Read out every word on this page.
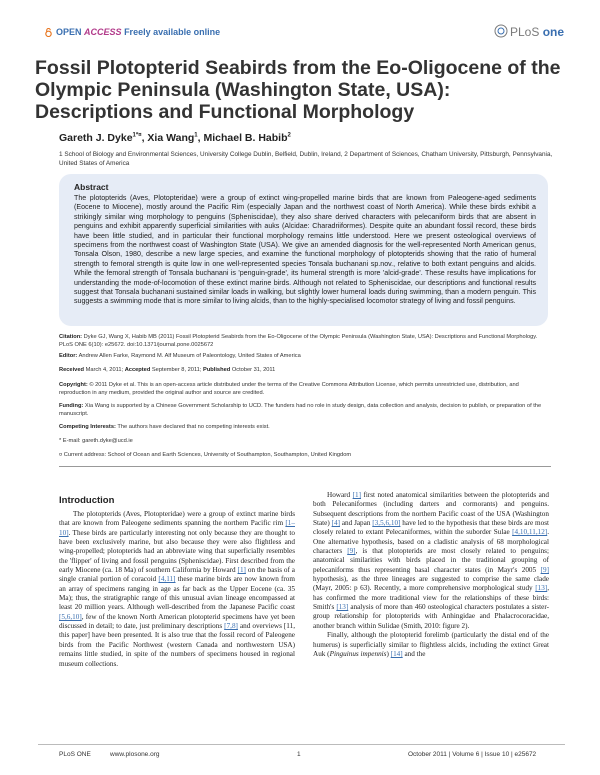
OPEN ACCESS Freely available online	PLoS one
Fossil Plotopterid Seabirds from the Eo-Oligocene of the Olympic Peninsula (Washington State, USA): Descriptions and Functional Morphology
Gareth J. Dyke$^{1*¤}$, Xia Wang$^1$, Michael B. Habib$^2$
1 School of Biology and Environmental Sciences, University College Dublin, Belfield, Dublin, Ireland, 2 Department of Sciences, Chatham University, Pittsburgh, Pennsylvania, United States of America
Abstract
The plotopterids (Aves, Plotopteridae) were a group of extinct wing-propelled marine birds that are known from Paleogene-aged sediments (Eocene to Miocene), mostly around the Pacific Rim (especially Japan and the northwest coast of North America). While these birds exhibit a strikingly similar wing morphology to penguins (Spheniscidae), they also share derived characters with pelecaniform birds that are absent in penguins and exhibit apparently superficial similarities with auks (Alcidae: Charadriiformes). Despite quite an abundant fossil record, these birds have been little studied, and in particular their functional morphology remains little understood. Here we present osteological overviews of specimens from the northwest coast of Washington State (USA). We give an amended diagnosis for the well-represented North American genus, Tonsala Olson, 1980, describe a new large species, and examine the functional morphology of plotopterids showing that the ratio of humeral strength to femoral strength is quite low in one well-represented species Tonsala buchanani sp.nov., relative to both extant penguins and alcids. While the femoral strength of Tonsala buchanani is 'penguin-grade', its humeral strength is more 'alcid-grade'. These results have implications for understanding the mode-of-locomotion of these extinct marine birds. Although not related to Spheniscidae, our descriptions and functional results suggest that Tonsala buchanani sustained similar loads in walking, but slightly lower humeral loads during swimming, than a modern penguin. This suggests a swimming mode that is more similar to living alcids, than to the highly-specialised locomotor strategy of living and fossil penguins.
Citation: Dyke GJ, Wang X, Habib MB (2011) Fossil Plotopterid Seabirds from the Eo-Oligocene of the Olympic Peninsula (Washington State, USA): Descriptions and Functional Morphology. PLoS ONE 6(10): e25672. doi:10.1371/journal.pone.0025672
Editor: Andrew Allen Farke, Raymond M. Alf Museum of Paleontology, United States of America
Received March 4, 2011; Accepted September 8, 2011; Published October 31, 2011
Copyright: © 2011 Dyke et al. This is an open-access article distributed under the terms of the Creative Commons Attribution License, which permits unrestricted use, distribution, and reproduction in any medium, provided the original author and source are credited.
Funding: Xia Wang is supported by a Chinese Government Scholarship to UCD. The funders had no role in study design, data collection and analysis, decision to publish, or preparation of the manuscript.
Competing Interests: The authors have declared that no competing interests exist.
* E-mail: gareth.dyke@ucd.ie
¤ Current address: School of Ocean and Earth Sciences, University of Southampton, Southampton, United Kingdom
Introduction

The plotopterids (Aves, Plotopteridae) were a group of extinct marine birds that are known from Paleogene sediments spanning the northern Pacific rim [1–10]. These birds are particularly interesting not only because they are thought to have been exclusively marine, but also because they were also flightless and wing-propelled; plotopterids had an abbreviate wing that superficially resembles the 'flipper' of living and fossil penguins (Spheniscidae). First described from the early Miocene (ca. 18 Ma) of southern California by Howard [1] on the basis of a single cranial portion of coracoid [4,11] these marine birds are now known from an array of specimens ranging in age as far back as the Upper Eocene (ca. 35 Ma); thus, the stratigraphic range of this unusual avian lineage encompassed at least 20 million years. Although well-described from the Japanese Pacific coast [5,6,10], few of the known North American plotopterid specimens have yet been discussed in detail; to date, just preliminary descriptions [7,8] and overviews [11, this paper] have been presented. It is also true that the fossil record of Paleogene birds from the Pacific Northwest (western Canada and northwestern USA) remains little studied, in spite of the numbers of specimens housed in regional museum collections.

Howard [1] first noted anatomical similarities between the plotopterids and both Pelecaniformes (including darters and cormorants) and penguins. Subsequent descriptions from the northern Pacific coast of the USA (Washington State) [4] and Japan [3,5,6,10] have led to the hypothesis that these birds are most closely related to extant Pelecaniformes, within the suborder Sulae [4,10,11,12]. One alternative hypothesis, based on a cladistic analysis of 68 morphological characters [9], is that plotopterids are most closely related to penguins; anatomical similarities with birds placed in the traditional grouping of pelecaniforms thus representing basal character states (in Mayr's 2005 [9] hypothesis), as the three lineages are suggested to comprise the same clade (Mayr, 2005: p 63). Recently, a more comprehensive morphological study [13], has confirmed the more traditional view for the relationships of these birds: Smith's [13] analysis of more than 460 osteological characters postulates a sister-group relationship for plotopterids with Anhingidae and Phalacrocoracidae, another branch within Sulidae (Smith, 2010: figure 2).

Finally, although the plotopterid forelimb (particularly the distal end of the humerus) is superficially similar to flightless alcids, including the extinct Great Auk (Pinguinus impennis) [14] and the

PLoS ONE	www.plosone.org	1	October 2011 | Volume 6 | Issue 10 | e25672
